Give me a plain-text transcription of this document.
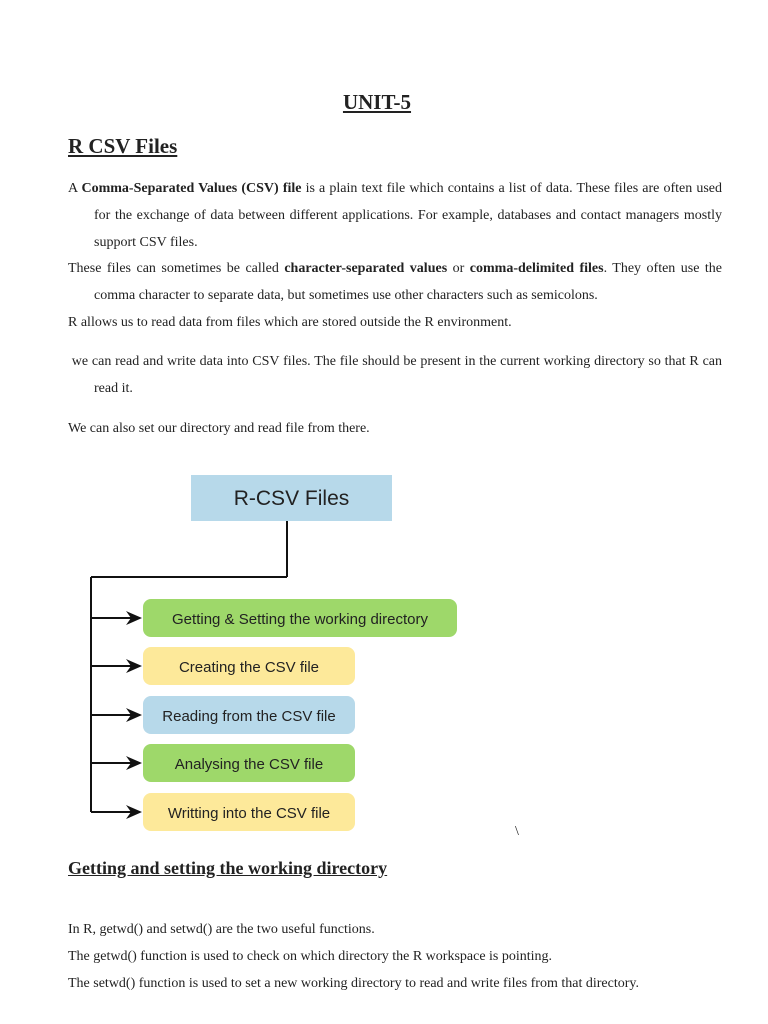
UNIT-5
R CSV Files
A Comma-Separated Values (CSV) file is a plain text file which contains a list of data. These files are often used for the exchange of data between different applications. For example, databases and contact managers mostly support CSV files.
These files can sometimes be called character-separated values or comma-delimited files. They often use the comma character to separate data, but sometimes use other characters such as semicolons.
R allows us to read data from files which are stored outside the R environment.
we can read and write data into CSV files. The file should be present in the current working directory so that R can read it.
We can also set our directory and read file from there.
R-CSV Files
Getting & Setting the working directory
Creating the CSV file
Reading from the CSV file
Analysing the CSV file
Writting into the CSV file
\
Getting and setting the working directory
In R, getwd() and setwd() are the two useful functions.
The getwd() function is used to check on which directory the R workspace is pointing.
The setwd() function is used to set a new working directory to read and write files from that directory.
